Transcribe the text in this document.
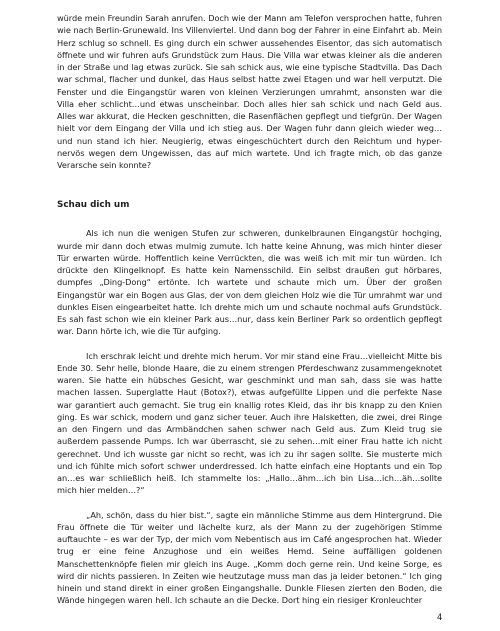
würde mein Freundin Sarah anrufen. Doch wie der Mann am Telefon versprochen hatte, fuhren wie nach Berlin-Grunewald. Ins Villenviertel. Und dann bog der Fahrer in eine Einfahrt ab. Mein Herz schlug so schnell. Es ging durch ein schwer aussehendes Eisentor, das sich automatisch öffnete und wir fuhren aufs Grundstück zum Haus. Die Villa war etwas kleiner als die anderen in der Straße und lag etwas zurück. Sie sah schick aus, wie eine typische Stadtvilla. Das Dach war schmal, flacher und dunkel, das Haus selbst hatte zwei Etagen und war hell verputzt. Die Fenster und die Eingangstür waren von kleinen Verzierungen umrahmt, ansonsten war die Villa eher schlicht…und etwas unscheinbar. Doch alles hier sah schick und nach Geld aus. Alles war akkurat, die Hecken geschnitten, die Rasenflächen gepflegt und tiefgrün. Der Wagen hielt vor dem Eingang der Villa und ich stieg aus. Der Wagen fuhr dann gleich wieder weg…und nun stand ich hier. Neugierig, etwas eingeschüchtert durch den Reichtum und hyper-nervös wegen dem Ungewissen, das auf mich wartete. Und ich fragte mich, ob das ganze Verarsche sein konnte?

Schau dich um

Als ich nun die wenigen Stufen zur schweren, dunkelbraunen Eingangstür hochging, wurde mir dann doch etwas mulmig zumute. Ich hatte keine Ahnung, was mich hinter dieser Tür erwarten würde. Hoffentlich keine Verrückten, die was weiß ich mit mir tun würden. Ich drückte den Klingelknopf. Es hatte kein Namensschild. Ein selbst draußen gut hörbares, dumpfes „Ding-Dong“ ertönte. Ich wartete und schaute mich um. Über der großen Eingangstür war ein Bogen aus Glas, der von dem gleichen Holz wie die Tür umrahmt war und dunkles Eisen eingearbeitet hatte. Ich drehte mich um und schaute nochmal aufs Grundstück. Es sah fast schon wie ein kleiner Park aus…nur, dass kein Berliner Park so ordentlich gepflegt war. Dann hörte ich, wie die Tür aufging.

Ich erschrak leicht und drehte mich herum. Vor mir stand eine Frau…vielleicht Mitte bis Ende 30. Sehr helle, blonde Haare, die zu einem strengen Pferdeschwanz zusammengeknotet waren. Sie hatte ein hübsches Gesicht, war geschminkt und man sah, dass sie was hatte machen lassen. Superglatte Haut (Botox?), etwas aufgefüllte Lippen und die perfekte Nase war garantiert auch gemacht. Sie trug ein knallig rotes Kleid, das ihr bis knapp zu den Knien ging. Es war schick, modern und ganz sicher teuer. Auch ihre Halsketten, die zwei, drei Ringe an den Fingern und das Armbändchen sahen schwer nach Geld aus. Zum Kleid trug sie außerdem passende Pumps. Ich war überrascht, sie zu sehen…mit einer Frau hatte ich nicht gerechnet. Und ich wusste gar nicht so recht, was ich zu ihr sagen sollte. Sie musterte mich und ich fühlte mich sofort schwer underdressed. Ich hatte einfach eine Hoptants und ein Top an…es war schließlich heiß. Ich stammelte los: „Hallo…ähm…ich bin Lisa…ich…äh…sollte mich hier melden…?“

„Ah, schön, dass du hier bist.“, sagte ein männliche Stimme aus dem Hintergrund. Die Frau öffnete die Tür weiter und lächelte kurz, als der Mann zu der zugehörigen Stimme auftauchte – es war der Typ, der mich vom Nebentisch aus im Café angesprochen hat. Wieder trug er eine feine Anzughose und ein weißes Hemd. Seine auffälligen goldenen Manschettenknöpfe fielen mir gleich ins Auge. „Komm doch gerne rein. Und keine Sorge, es wird dir nichts passieren. In Zeiten wie heutzutage muss man das ja leider betonen.“ Ich ging hinein und stand direkt in einer großen Eingangshalle. Dunkle Fliesen zierten den Boden, die Wände hingegen waren hell. Ich schaute an die Decke. Dort hing ein riesiger Kronleuchter

4
